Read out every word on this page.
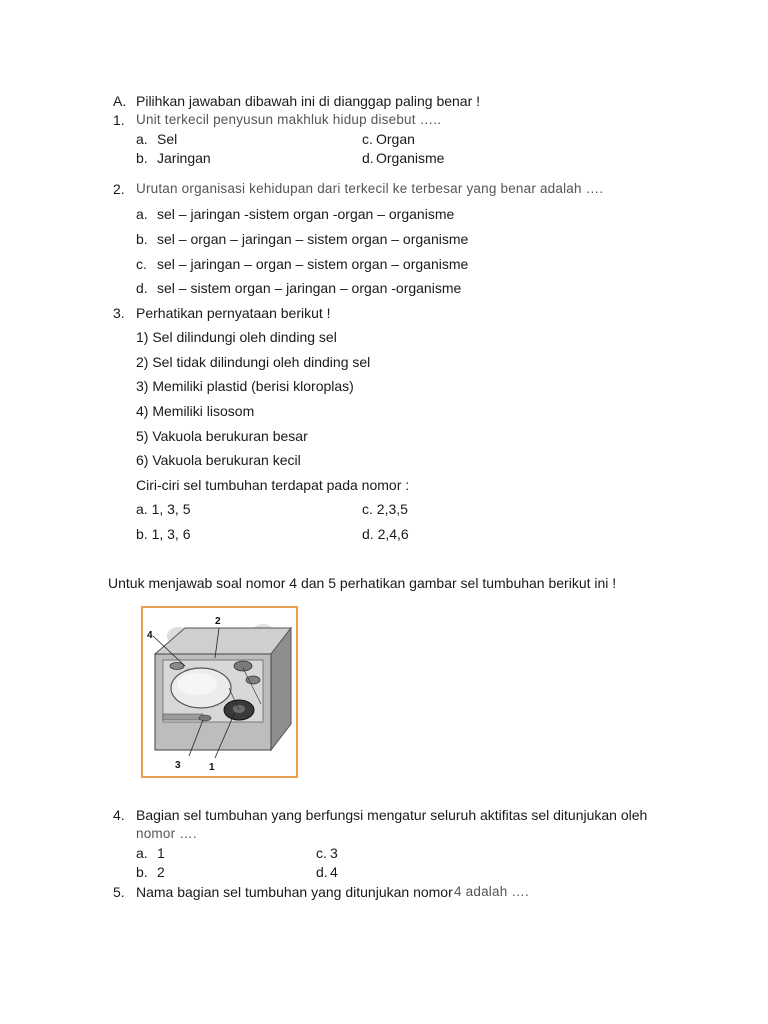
A. Pilihkan jawaban dibawah ini di dianggap paling benar !
1. Unit terkecil penyusun makhluk hidup disebut …..
a. Sel
b. Jaringan
c. Organ
d. Organisme
2. Urutan organisasi kehidupan dari terkecil ke terbesar yang benar adalah ….
a. sel – jaringan -sistem organ -organ – organisme
b. sel – organ – jaringan – sistem organ – organisme
c. sel – jaringan – organ – sistem organ – organisme
d. sel – sistem organ – jaringan – organ -organisme
3. Perhatikan pernyataan berikut !
1) Sel dilindungi oleh dinding sel
2) Sel tidak dilindungi oleh dinding sel
3) Memiliki plastid (berisi kloroplas)
4) Memiliki lisosom
5) Vakuola berukuran besar
6) Vakuola berukuran kecil
Ciri-ciri sel tumbuhan terdapat pada nomor :
a. 1, 3, 5
b. 1, 3, 6
c. 2,3,5
d. 2,4,6
Untuk menjawab soal nomor 4 dan 5 perhatikan gambar sel tumbuhan berikut ini !
4
2
3	1
4. Bagian sel tumbuhan yang berfungsi mengatur seluruh aktifitas sel ditunjukan oleh
nomor ….
a. 1
b. 2
c. 3
d. 4
5. Nama bagian sel tumbuhan yang ditunjukan nomor 4 adalah ….
